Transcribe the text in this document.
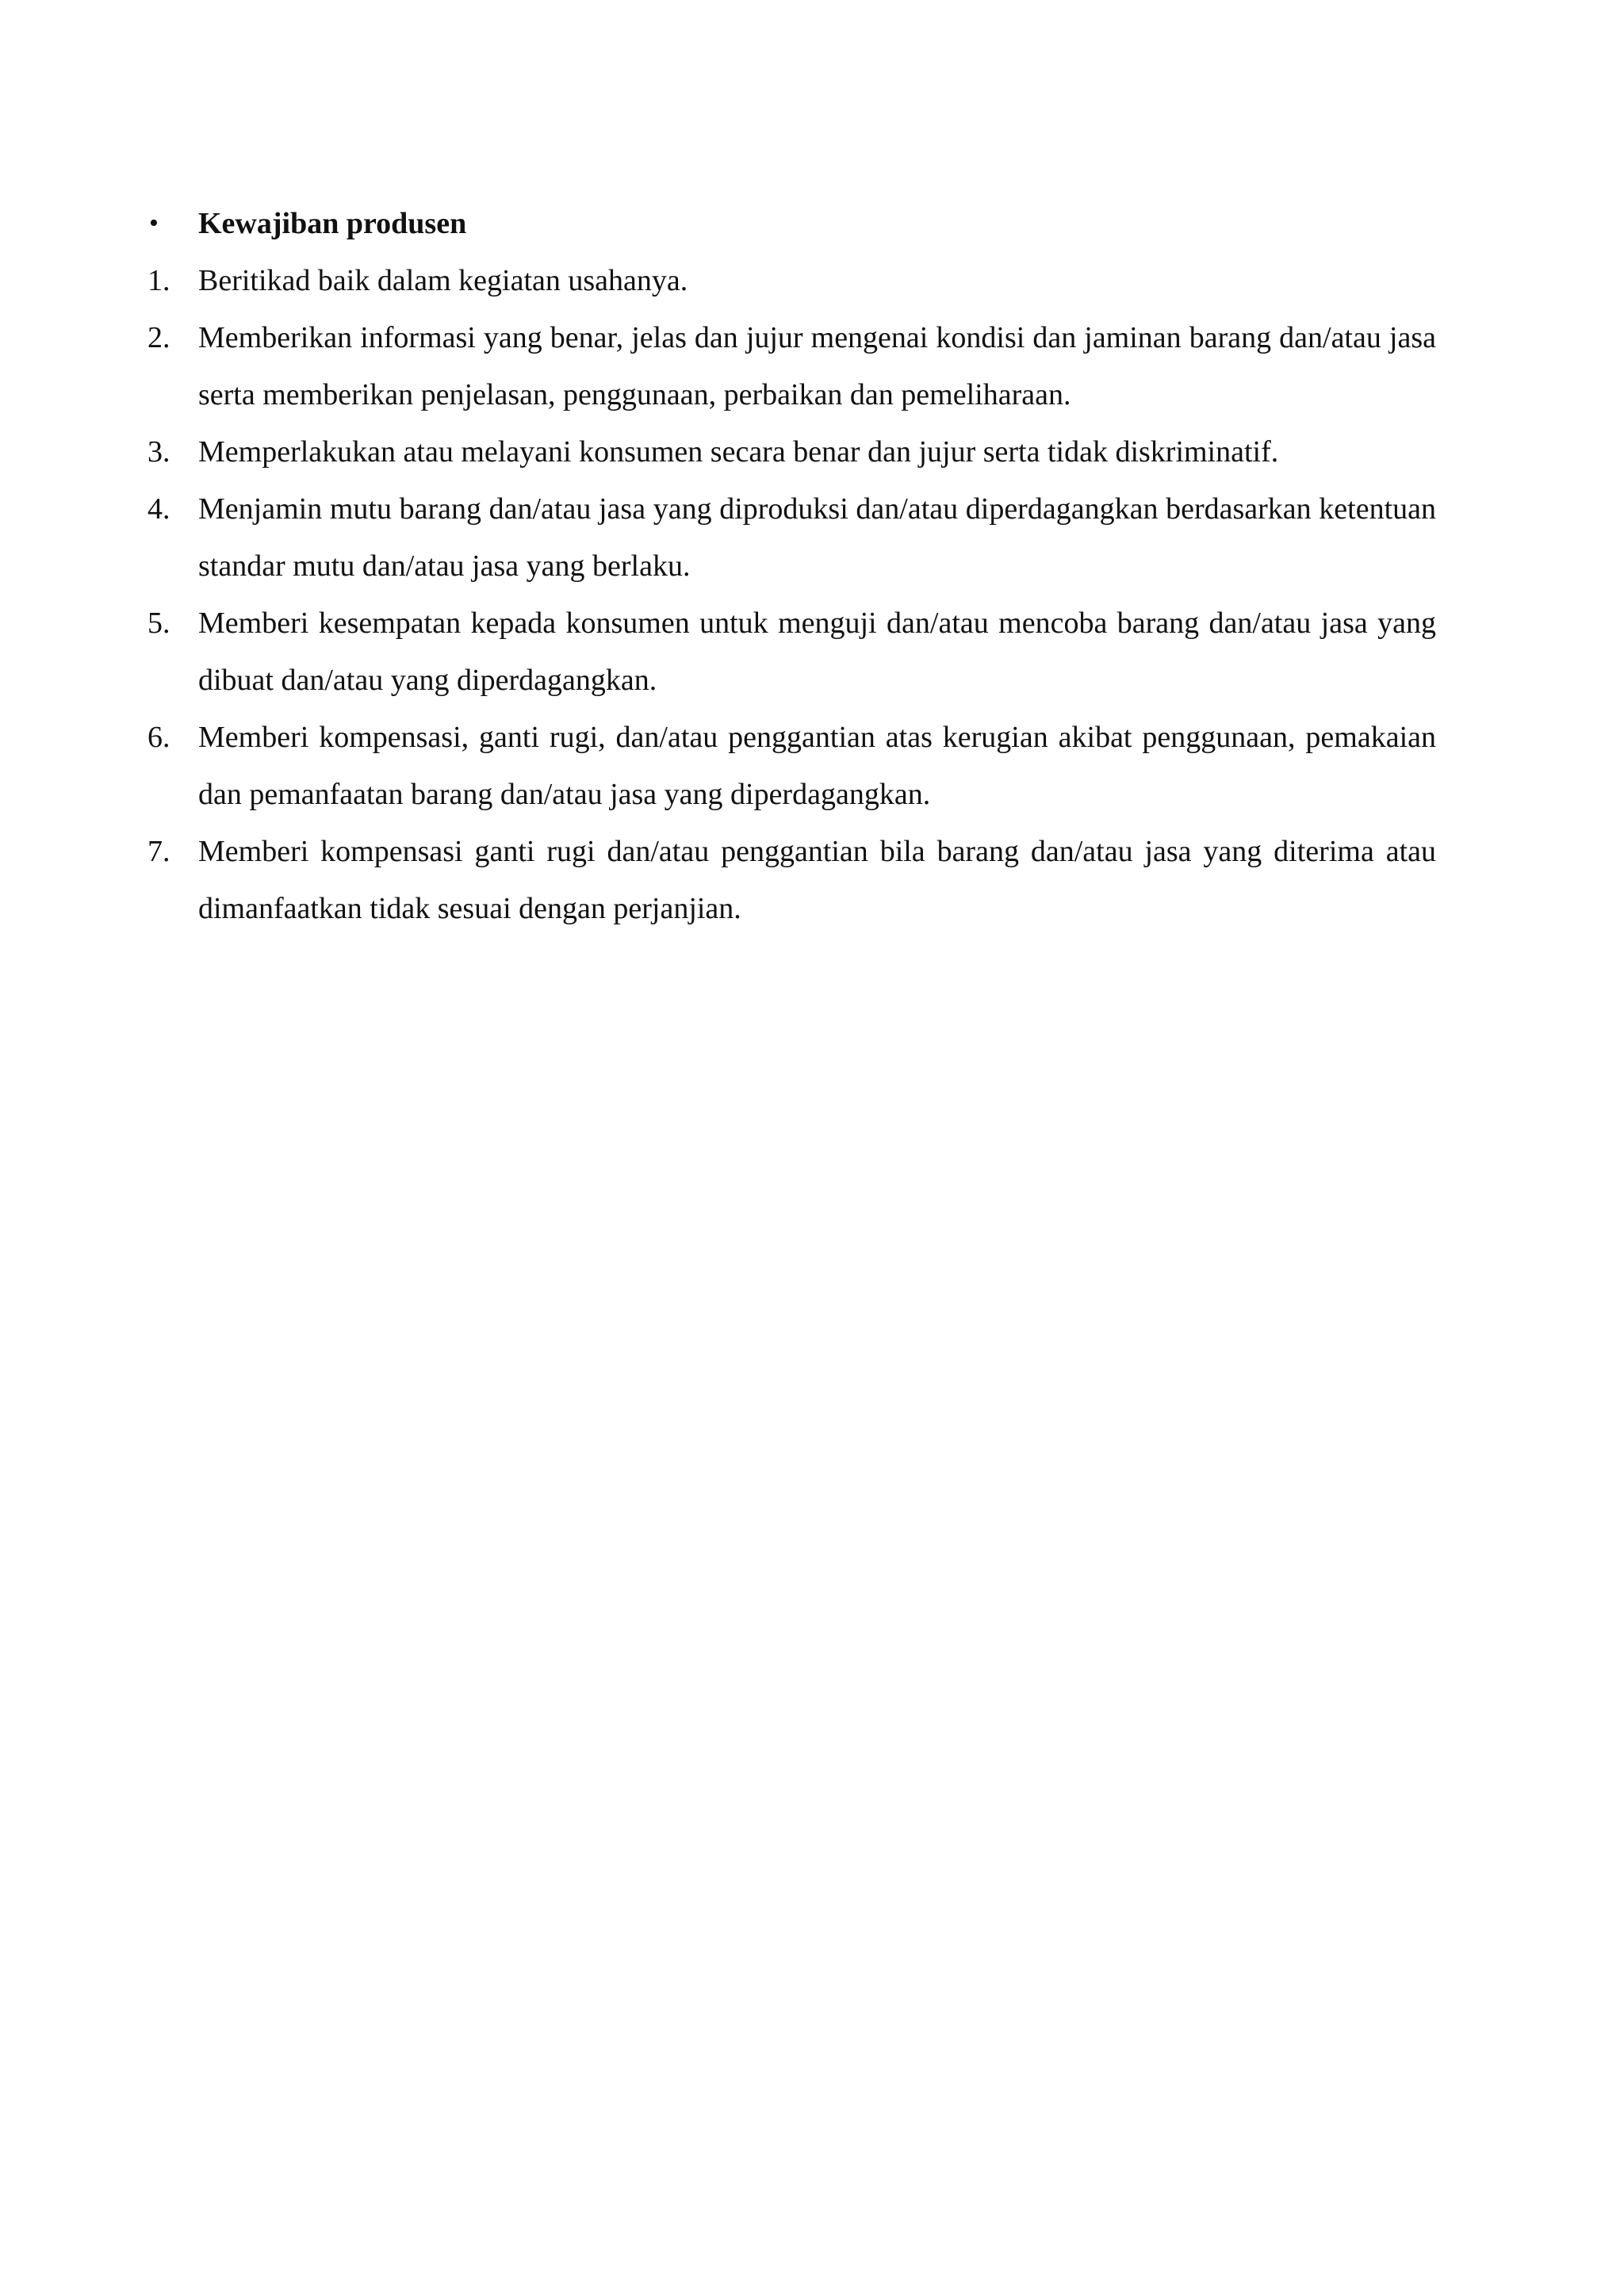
•	Kewajiban produsen
1. Beritikad baik dalam kegiatan usahanya.
2. Memberikan informasi yang benar, jelas dan jujur mengenai kondisi dan jaminan barang dan/atau jasa serta memberikan penjelasan, penggunaan, perbaikan dan pemeliharaan.
3. Memperlakukan atau melayani konsumen secara benar dan jujur serta tidak diskriminatif.
4. Menjamin mutu barang dan/atau jasa yang diproduksi dan/atau diperdagangkan berdasarkan ketentuan standar mutu dan/atau jasa yang berlaku.
5. Memberi kesempatan kepada konsumen untuk menguji dan/atau mencoba barang dan/atau jasa yang dibuat dan/atau yang diperdagangkan.
6. Memberi kompensasi, ganti rugi, dan/atau penggantian atas kerugian akibat penggunaan, pemakaian dan pemanfaatan barang dan/atau jasa yang diperdagangkan.
7. Memberi kompensasi ganti rugi dan/atau penggantian bila barang dan/atau jasa yang diterima atau dimanfaatkan tidak sesuai dengan perjanjian.
